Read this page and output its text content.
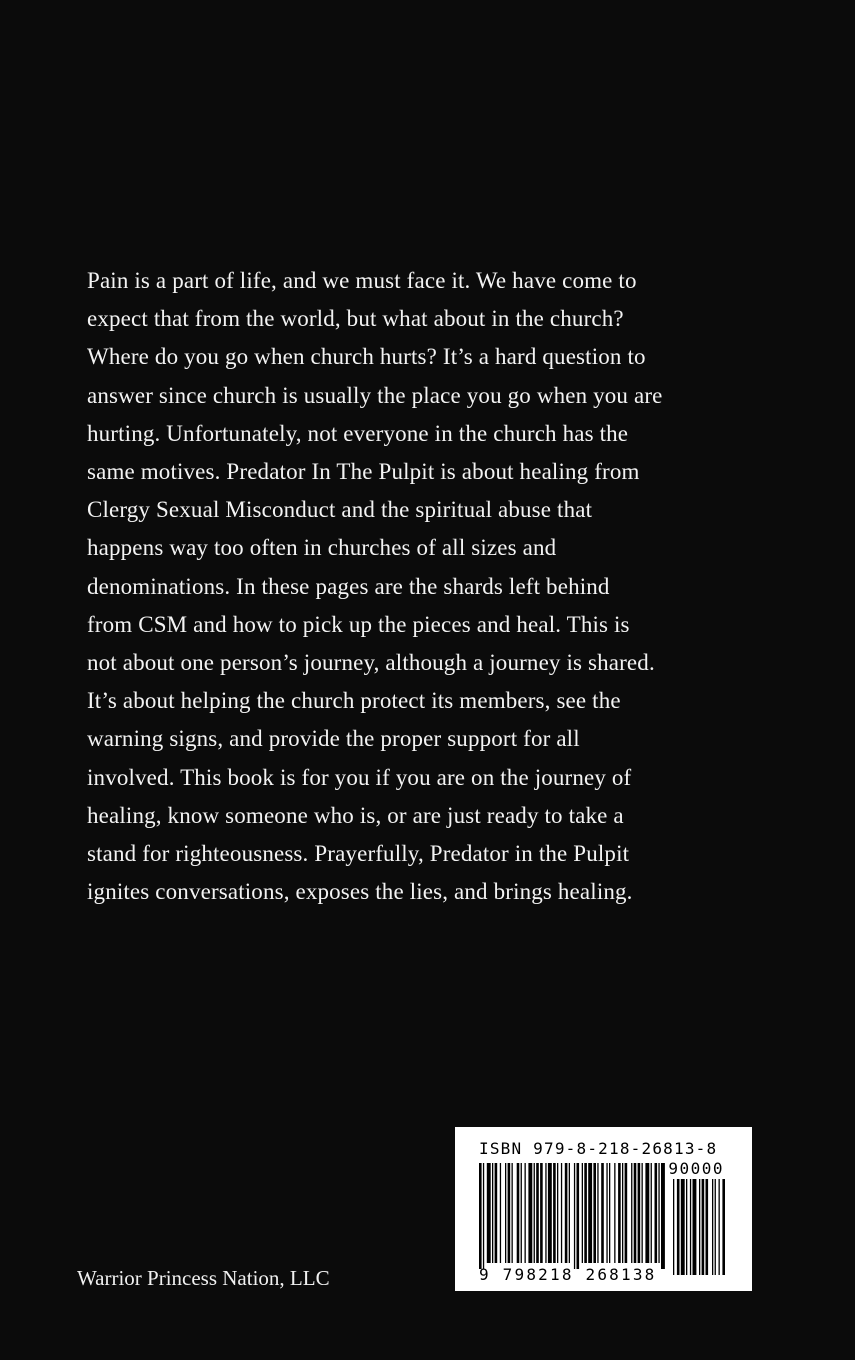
Pain is a part of life, and we must face it. We have come to
expect that from the world, but what about in the church?
Where do you go when church hurts? It’s a hard question to
answer since church is usually the place you go when you are
hurting. Unfortunately, not everyone in the church has the
same motives. Predator In The Pulpit is about healing from
Clergy Sexual Misconduct and the spiritual abuse that
happens way too often in churches of all sizes and
denominations. In these pages are the shards left behind
from CSM and how to pick up the pieces and heal. This is
not about one person’s journey, although a journey is shared.
It’s about helping the church protect its members, see the
warning signs, and provide the proper support for all
involved. This book is for you if you are on the journey of
healing, know someone who is, or are just ready to take a
stand for righteousness. Prayerfully, Predator in the Pulpit
ignites conversations, exposes the lies, and brings healing.
Warrior Princess Nation, LLC
ISBN 979-8-218-26813-8
90000
9 798218 268138
